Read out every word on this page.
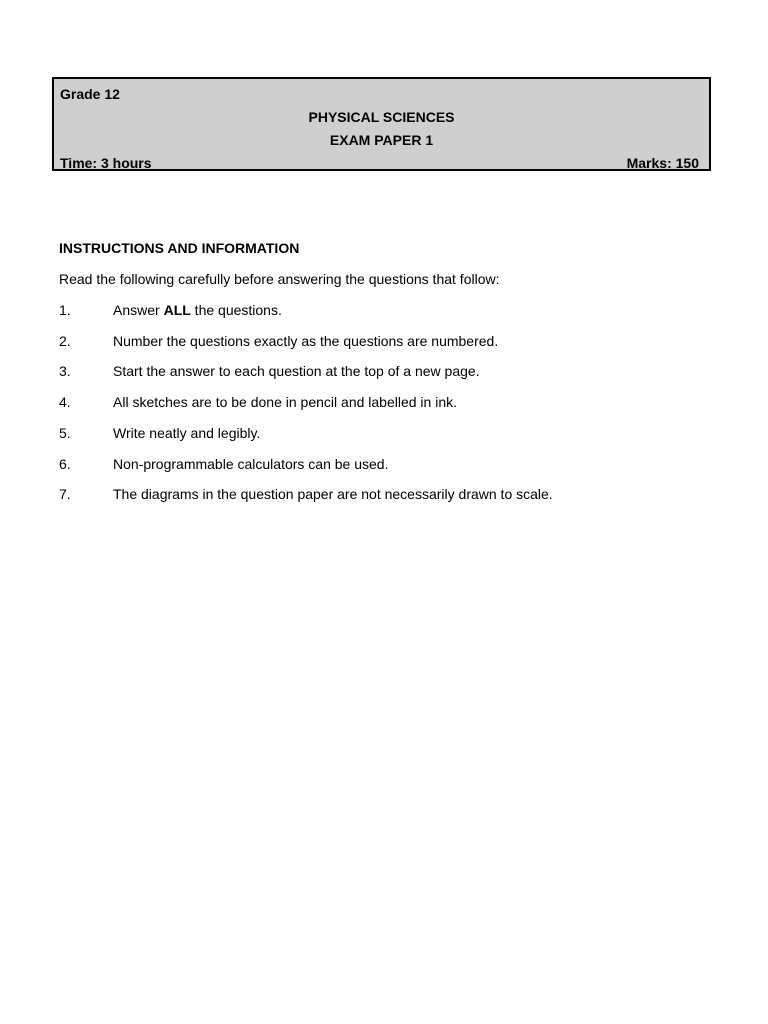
Grade 12
PHYSICAL SCIENCES
EXAM PAPER 1
Time: 3 hours	Marks: 150
INSTRUCTIONS AND INFORMATION
Read the following carefully before answering the questions that follow:
1.	Answer ALL the questions.
2.	Number the questions exactly as the questions are numbered.
3.	Start the answer to each question at the top of a new page.
4.	All sketches are to be done in pencil and labelled in ink.
5.	Write neatly and legibly.
6.	Non-programmable calculators can be used.
7.	The diagrams in the question paper are not necessarily drawn to scale.
